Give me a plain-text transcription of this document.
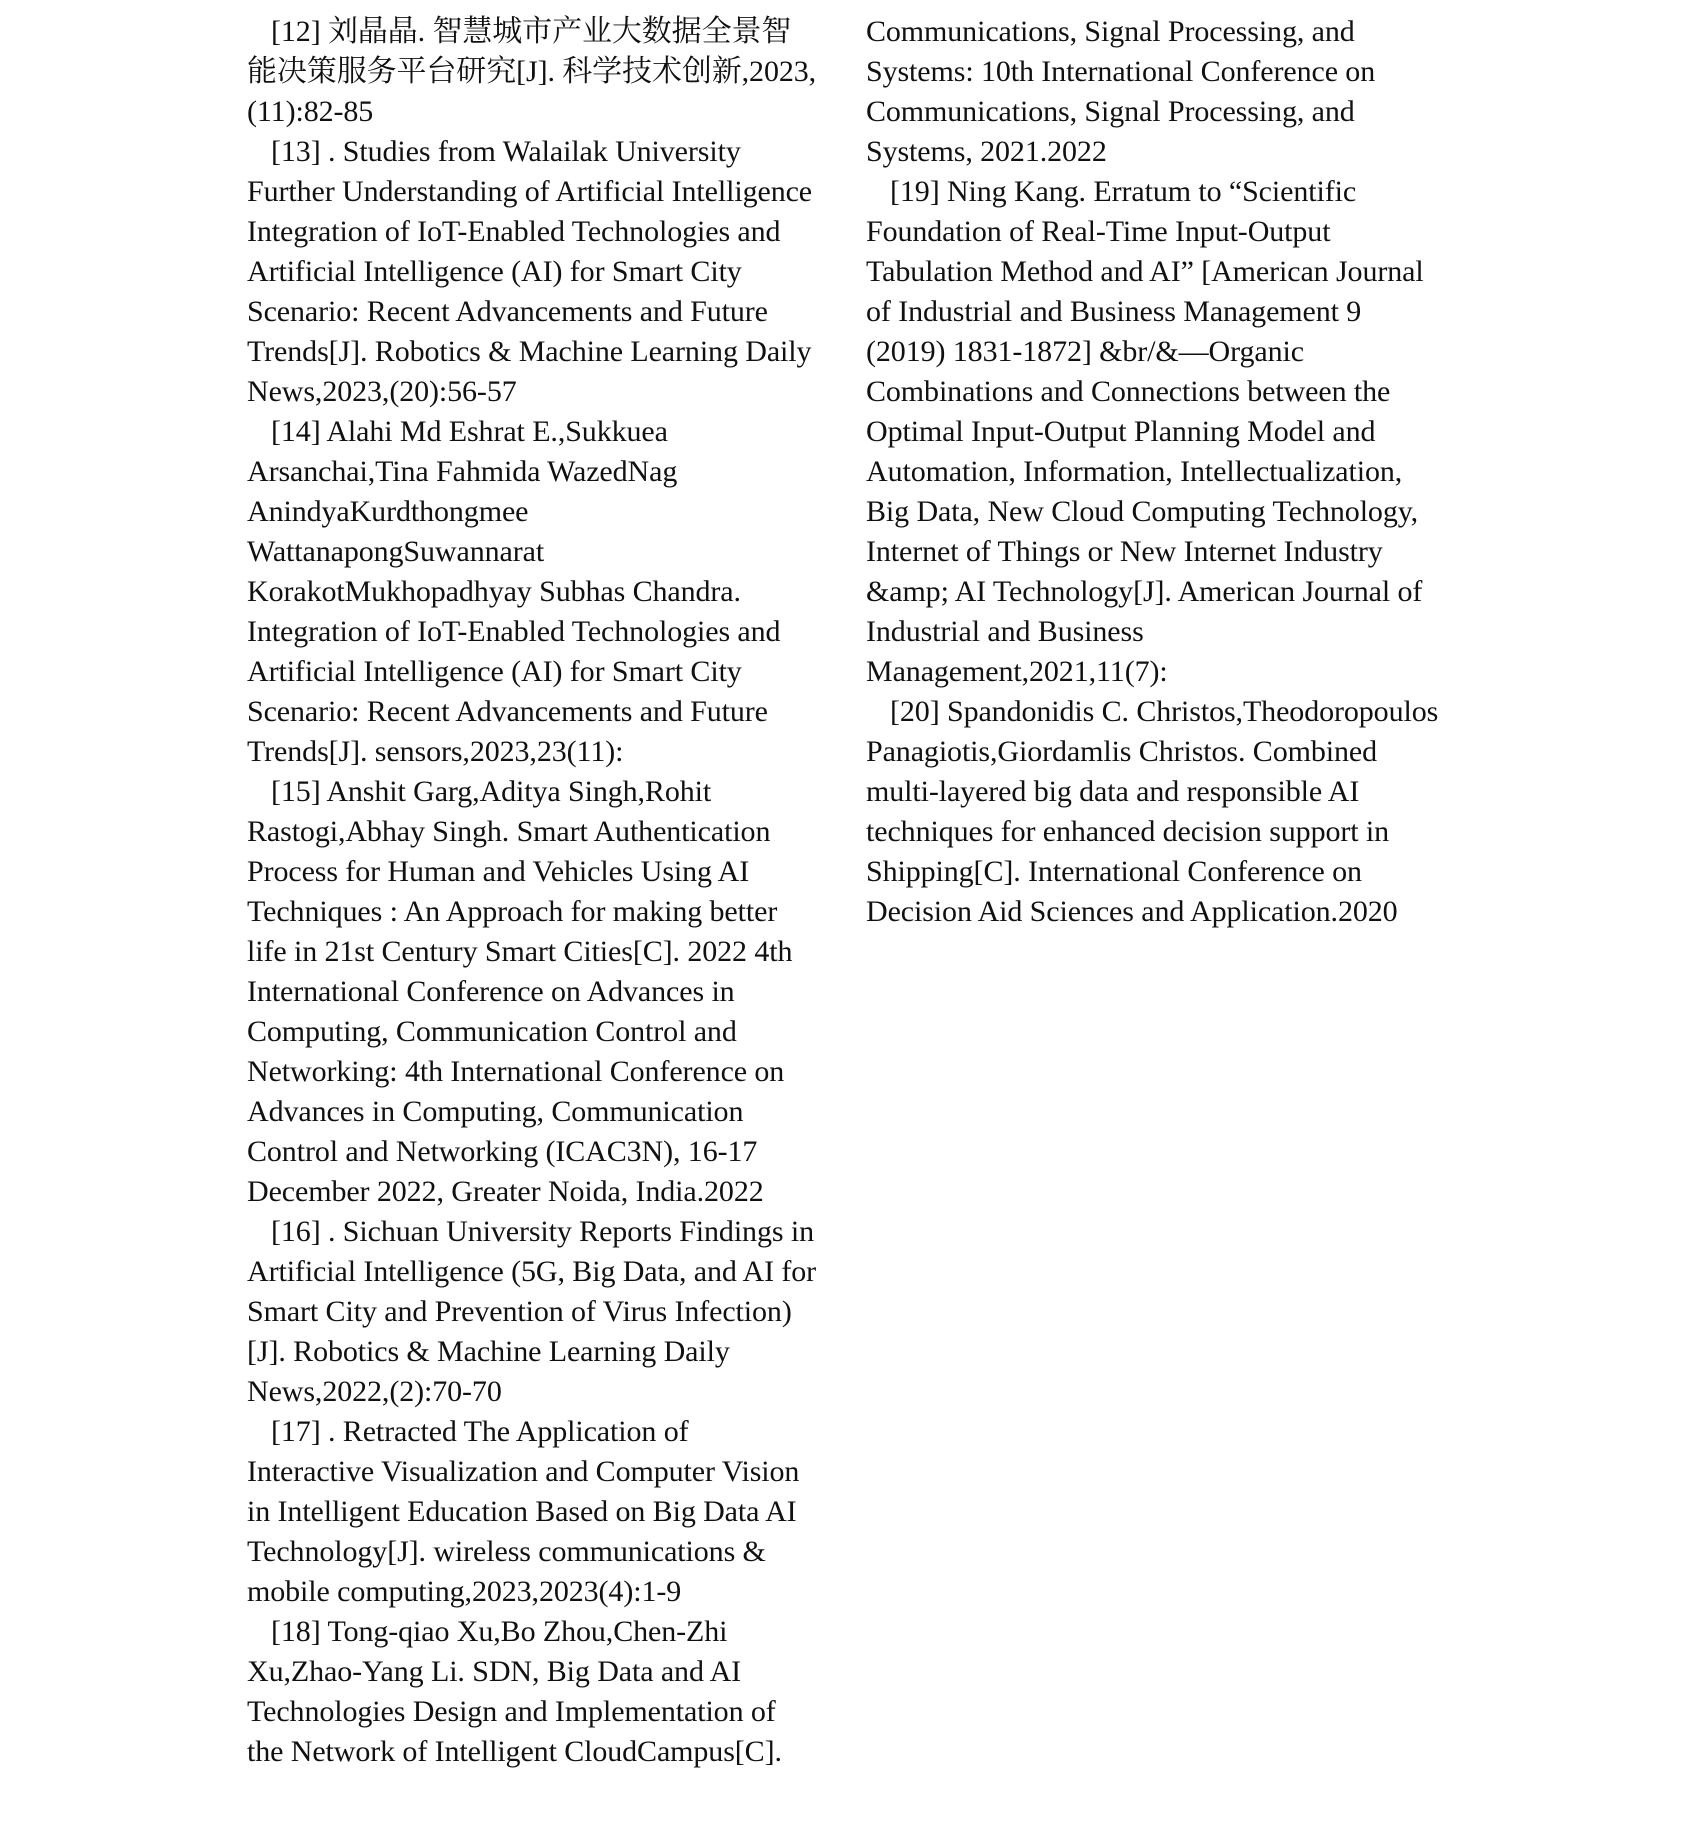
[12] 刘晶晶. 智慧城市产业大数据全景智能决策服务平台研究[J]. 科学技术创新,2023,(11):82-85

[13] . Studies from Walailak University Further Understanding of Artificial Intelligence Integration of IoT-Enabled Technologies and Artificial Intelligence (AI) for Smart City Scenario: Recent Advancements and Future Trends[J]. Robotics & Machine Learning Daily News,2023,(20):56-57

[14] Alahi Md Eshrat E.,Sukkuea Arsanchai,Tina Fahmida WazedNag AnindyaKurdthongmee WattanapongSuwannarat KorakotMukhopadhyay Subhas Chandra. Integration of IoT-Enabled Technologies and Artificial Intelligence (AI) for Smart City Scenario: Recent Advancements and Future Trends[J]. sensors,2023,23(11):

[15] Anshit Garg,Aditya Singh,Rohit Rastogi,Abhay Singh. Smart Authentication Process for Human and Vehicles Using AI Techniques : An Approach for making better life in 21st Century Smart Cities[C]. 2022 4th International Conference on Advances in Computing, Communication Control and Networking: 4th International Conference on Advances in Computing, Communication Control and Networking (ICAC3N), 16-17 December 2022, Greater Noida, India.2022

[16] . Sichuan University Reports Findings in Artificial Intelligence (5G, Big Data, and AI for Smart City and Prevention of Virus Infection)[J]. Robotics & Machine Learning Daily News,2022,(2):70-70

[17] . Retracted The Application of Interactive Visualization and Computer Vision in Intelligent Education Based on Big Data AI Technology[J]. wireless communications & mobile computing,2023,2023(4):1-9

[18] Tong-qiao Xu,Bo Zhou,Chen-Zhi Xu,Zhao-Yang Li. SDN, Big Data and AI Technologies Design and Implementation of the Network of Intelligent CloudCampus[C].

Communications, Signal Processing, and Systems: 10th International Conference on Communications, Signal Processing, and Systems, 2021.2022

[19] Ning Kang. Erratum to “Scientific Foundation of Real-Time Input-Output Tabulation Method and AI” [American Journal of Industrial and Business Management 9 (2019) 1831-1872] &br/&—Organic Combinations and Connections between the Optimal Input-Output Planning Model and Automation, Information, Intellectualization, Big Data, New Cloud Computing Technology, Internet of Things or New Internet Industry &amp; AI Technology[J]. American Journal of Industrial and Business Management,2021,11(7):

[20] Spandonidis C. Christos,Theodoropoulos Panagiotis,Giordamlis Christos. Combined multi-layered big data and responsible AI techniques for enhanced decision support in Shipping[C]. International Conference on Decision Aid Sciences and Application.2020
